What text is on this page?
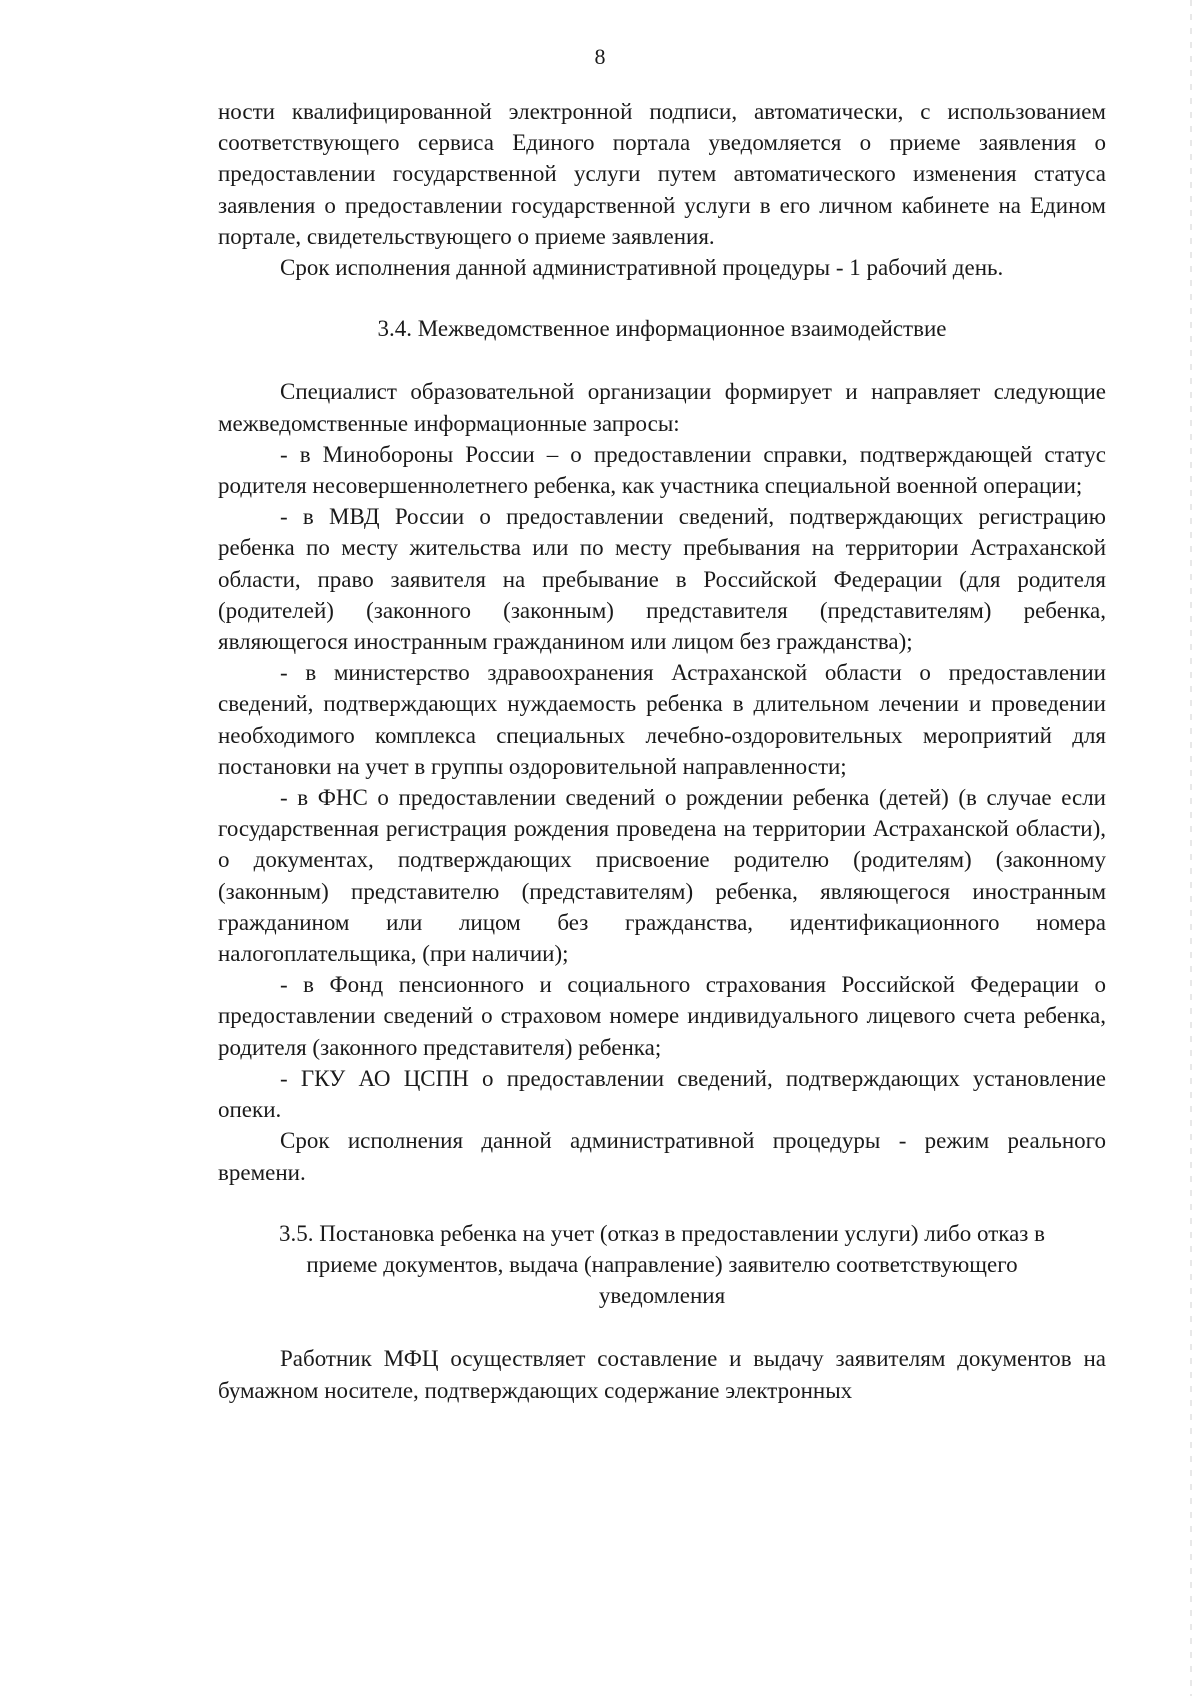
8

ности квалифицированной электронной подписи, автоматически, с использованием соответствующего сервиса Единого портала уведомляется о приеме заявления о предоставлении государственной услуги путем автоматического изменения статуса заявления о предоставлении государственной услуги в его личном кабинете на Едином портале, свидетельствующего о приеме заявления.

Срок исполнения данной административной процедуры - 1 рабочий день.

3.4. Межведомственное информационное взаимодействие

Специалист образовательной организации формирует и направляет следующие межведомственные информационные запросы:

- в Минобороны России – о предоставлении справки, подтверждающей статус родителя несовершеннолетнего ребенка, как участника специальной военной операции;

- в МВД России о предоставлении сведений, подтверждающих регистрацию ребенка по месту жительства или по месту пребывания на территории Астраханской области, право заявителя на пребывание в Российской Федерации (для родителя (родителей) (законного (законным) представителя (представителям) ребенка, являющегося иностранным гражданином или лицом без гражданства);

- в министерство здравоохранения Астраханской области о предоставлении сведений, подтверждающих нуждаемость ребенка в длительном лечении и проведении необходимого комплекса специальных лечебно-оздоровительных мероприятий для постановки на учет в группы оздоровительной направленности;

- в ФНС о предоставлении сведений о рождении ребенка (детей) (в случае если государственная регистрация рождения проведена на территории Астраханской области), о документах, подтверждающих присвоение родителю (родителям) (законному (законным) представителю (представителям) ребенка, являющегося иностранным гражданином или лицом без гражданства, идентификационного номера налогоплательщика, (при наличии);

- в Фонд пенсионного и социального страхования Российской Федерации о предоставлении сведений о страховом номере индивидуального лицевого счета ребенка, родителя (законного представителя) ребенка;

- ГКУ АО ЦСПН о предоставлении сведений, подтверждающих установление опеки.

Срок исполнения данной административной процедуры - режим реального времени.

3.5. Постановка ребенка на учет (отказ в предоставлении услуги) либо отказ в приеме документов, выдача (направление) заявителю соответствующего уведомления

Работник МФЦ осуществляет составление и выдачу заявителям документов на бумажном носителе, подтверждающих содержание электронных
